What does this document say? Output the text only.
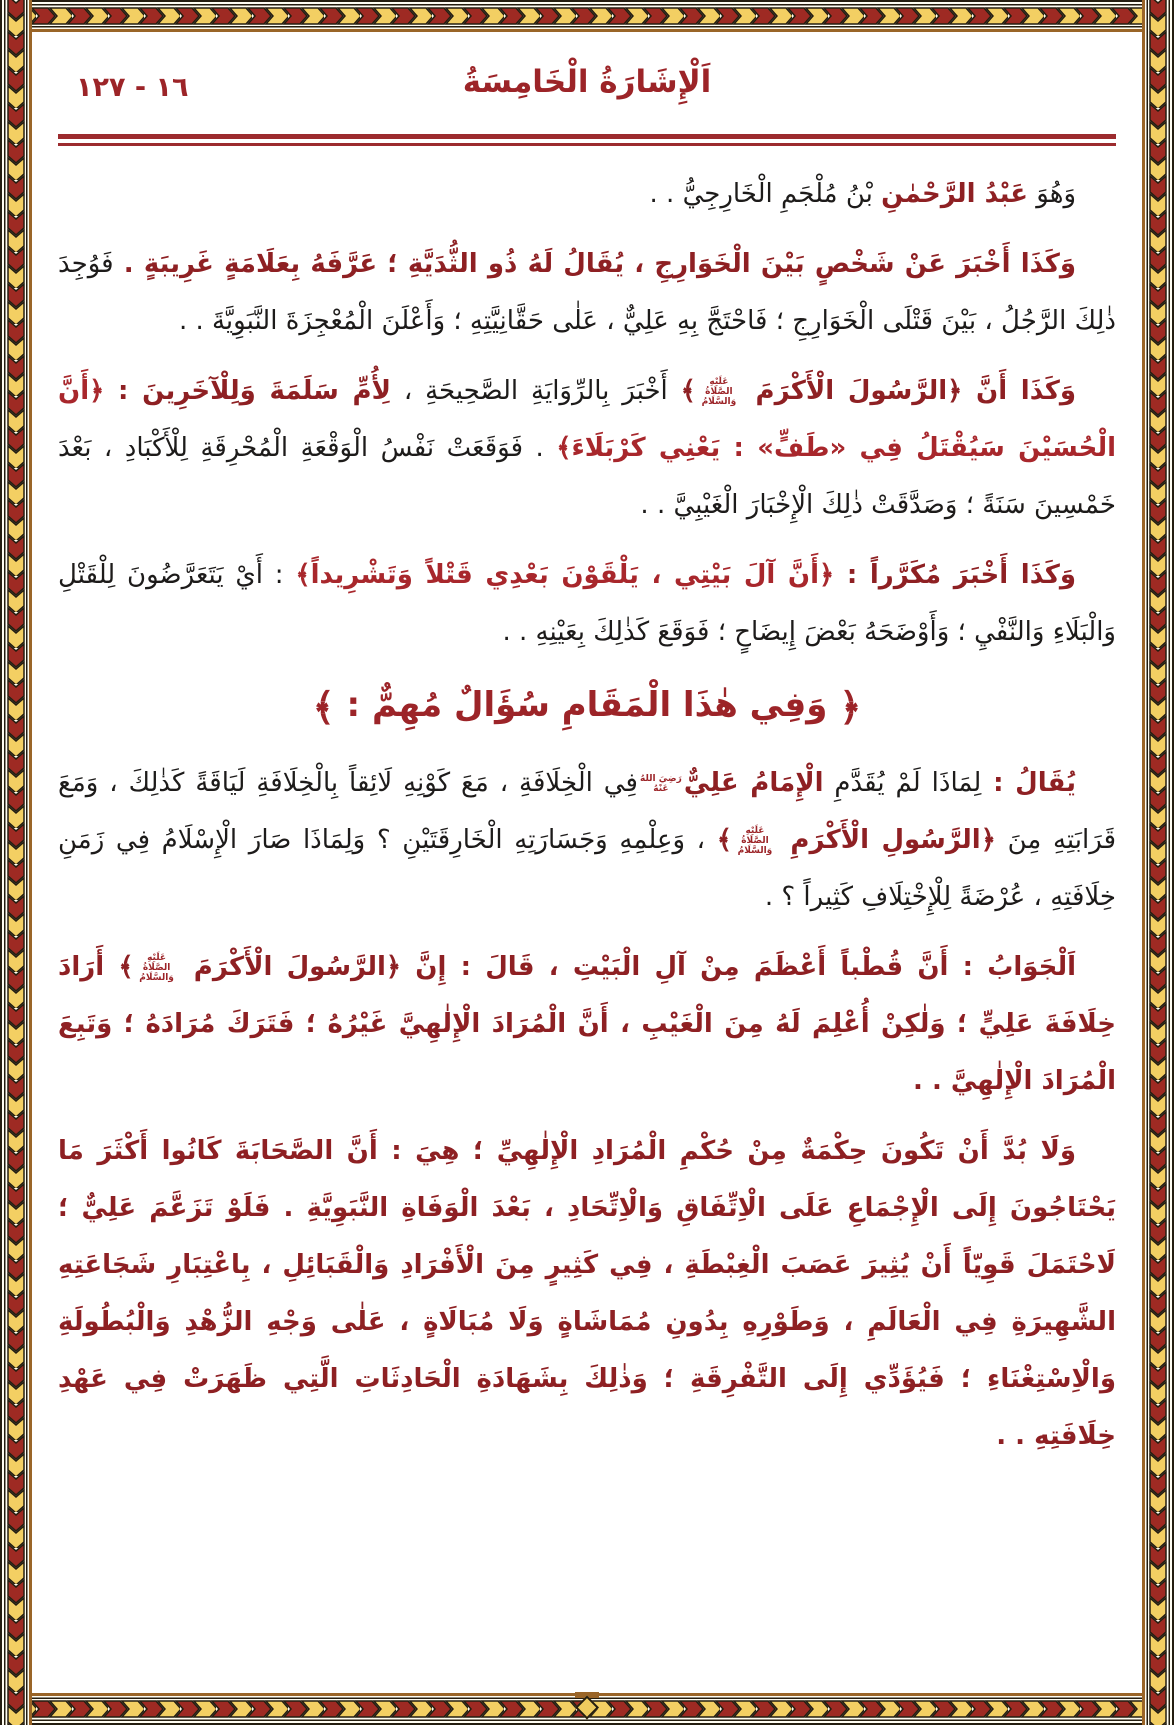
١٦ - ١٢٧	اَلْإِشَارَةُ الْخَامِسَةُ

وَهُوَ عَبْدُ الرَّحْمٰنِ بْنُ مُلْجَمِ الْخَارِجِيُّ . .

وَكَذَا أَخْبَرَ عَنْ شَخْصٍ بَيْنَ الْخَوَارِجِ ، يُقَالُ لَهُ ذُو الثُّدَيَّةِ ؛ عَرَّفَهُ بِعَلَامَةٍ غَرِيبَةٍ . فَوُجِدَ ذٰلِكَ الرَّجُلُ ، بَيْنَ قَتْلَى الْخَوَارِجِ ؛ فَاحْتَجَّ بِهِ عَلِيٌّ ، عَلٰى حَقَّانِيَّتِهِ ؛ وَأَعْلَنَ الْمُعْجِزَةَ النَّبَوِيَّةَ . .

وَكَذَا أَنَّ ﴿الرَّسُولَ الْأَكْرَمَ عَلَيْهِ الصَّلَاةُ وَالسَّلَامُ﴾ أَخْبَرَ بِالرِّوَايَةِ الصَّحِيحَةِ ، لِأُمِّ سَلَمَةَ وَلِلْآخَرِينَ : ﴿أَنَّ الْحُسَيْنَ سَيُقْتَلُ فِي «طَفٍّ» : يَعْنِي كَرْبَلَاءَ﴾ . فَوَقَعَتْ نَفْسُ الْوَقْعَةِ الْمُحْرِقَةِ لِلْأَكْبَادِ ، بَعْدَ خَمْسِينَ سَنَةً ؛ وَصَدَّقَتْ ذٰلِكَ الْإِخْبَارَ الْغَيْبِيَّ . .

وَكَذَا أَخْبَرَ مُكَرَّراً : ﴿أَنَّ آلَ بَيْتِي ، يَلْقَوْنَ بَعْدِي قَتْلاً وَتَشْرِيداً﴾ : أَيْ يَتَعَرَّضُونَ لِلْقَتْلِ وَالْبَلَاءِ وَالنَّفْيِ ؛ وَأَوْضَحَهُ بَعْضَ إِيضَاحٍ ؛ فَوَقَعَ كَذٰلِكَ بِعَيْنِهِ . .

﴿ وَفِي هٰذَا الْمَقَامِ سُؤَالٌ مُهِمٌّ : ﴾

يُقَالُ : لِمَاذَا لَمْ يُقَدَّمِ الْإِمَامُ عَلِيٌّرَضِيَ اللهُ عَنْهُفِي الْخِلَافَةِ ، مَعَ كَوْنِهِ لَائِقاً بِالْخِلَافَةِ لَيَاقَةً كَذٰلِكَ ، وَمَعَ قَرَابَتِهِ مِنَ ﴿الرَّسُولِ الْأَكْرَمِ عَلَيْهِ الصَّلَاةُ وَالسَّلَامُ﴾ ، وَعِلْمِهِ وَجَسَارَتِهِ الْخَارِقَتَيْنِ ؟ وَلِمَاذَا صَارَ الْإِسْلَامُ فِي زَمَنِ خِلَافَتِهِ ، عُرْضَةً لِلْإِخْتِلَافِ كَثِيراً ؟ .

اَلْجَوَابُ : أَنَّ قُطْباً أَعْظَمَ مِنْ آلِ الْبَيْتِ ، قَالَ : إِنَّ ﴿الرَّسُولَ الْأَكْرَمَ عَلَيْهِ الصَّلَاةُ وَالسَّلَامُ﴾ أَرَادَ خِلَافَةَ عَلِيٍّ ؛ وَلٰكِنْ أُعْلِمَ لَهُ مِنَ الْغَيْبِ ، أَنَّ الْمُرَادَ الْإِلٰهِيَّ غَيْرُهُ ؛ فَتَرَكَ مُرَادَهُ ؛ وَتَبِعَ الْمُرَادَ الْإِلٰهِيَّ . .

وَلَا بُدَّ أَنْ تَكُونَ حِكْمَةٌ مِنْ حُكْمِ الْمُرَادِ الْإِلٰهِيِّ ؛ هِيَ : أَنَّ الصَّحَابَةَ كَانُوا أَكْثَرَ مَا يَحْتَاجُونَ إِلَى الْإِجْمَاعِ عَلَى الْاِتِّفَاقِ وَالْاِتِّحَادِ ، بَعْدَ الْوَفَاةِ النَّبَوِيَّةِ . فَلَوْ تَزَعَّمَ عَلِيٌّ ؛ لَاحْتَمَلَ قَوِيّاً أَنْ يُثِيرَ عَصَبَ الْغِبْطَةِ ، فِي كَثِيرٍ مِنَ الْأَفْرَادِ وَالْقَبَائِلِ ، بِاعْتِبَارِ شَجَاعَتِهِ الشَّهِيرَةِ فِي الْعَالَمِ ، وَطَوْرِهِ بِدُونِ مُمَاشَاةٍ وَلَا مُبَالَاةٍ ، عَلٰى وَجْهِ الزُّهْدِ وَالْبُطُولَةِ وَالْاِسْتِغْنَاءِ ؛ فَيُؤَدِّي إِلَى التَّفْرِقَةِ ؛ وَذٰلِكَ بِشَهَادَةِ الْحَادِثَاتِ الَّتِي ظَهَرَتْ فِي عَهْدِ خِلَافَتِهِ . .
